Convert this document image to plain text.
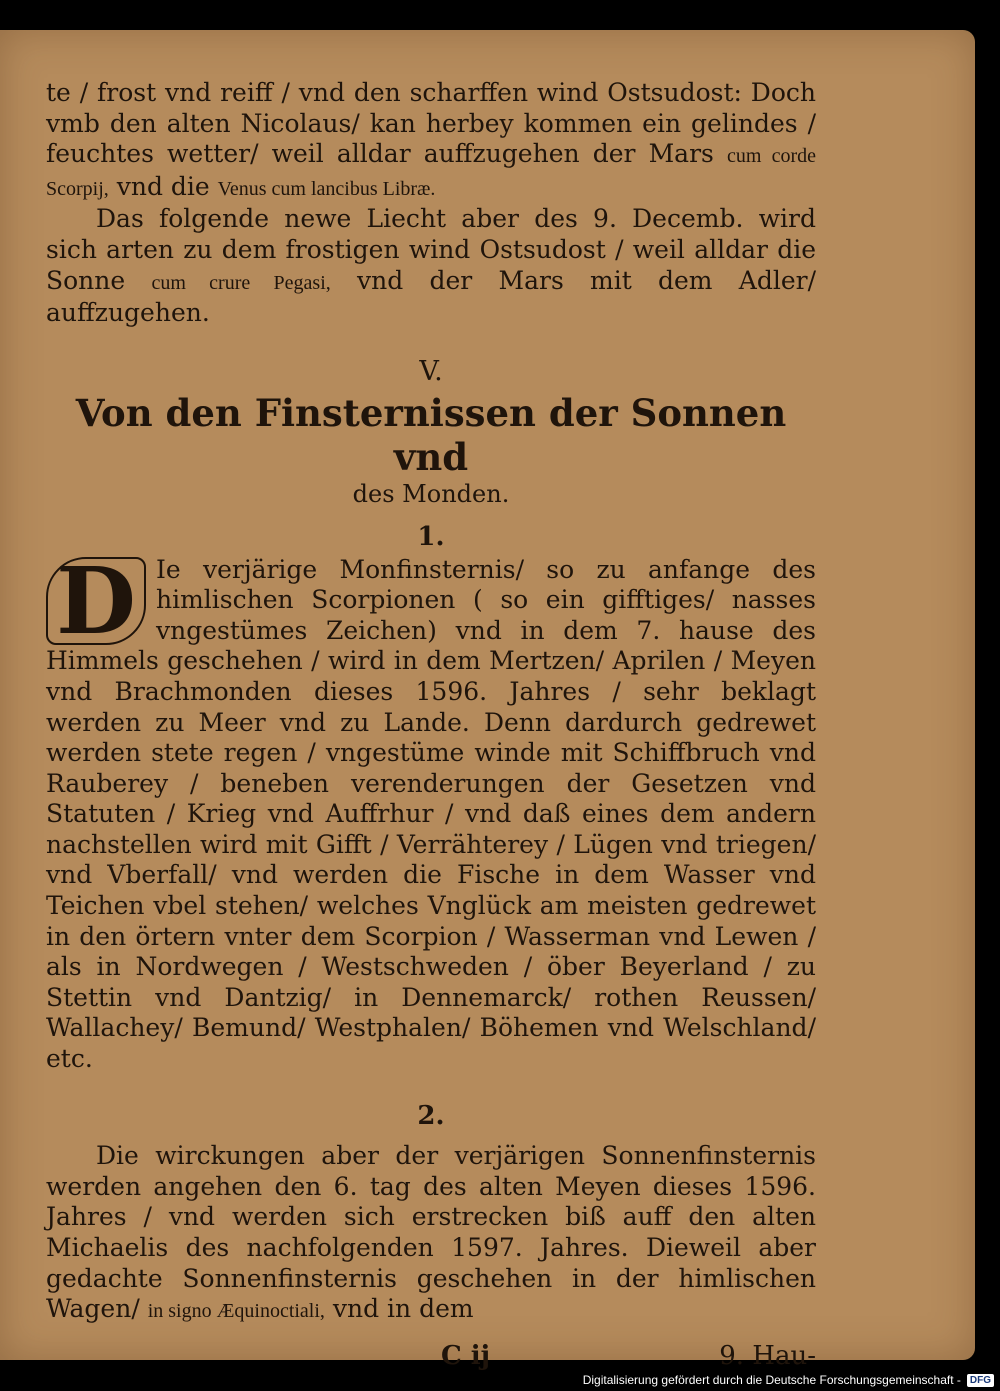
te / frost vnd reiff / vnd den scharffen wind Ostsudost: Doch vmb den alten Nicolaus/ kan herbey kommen ein gelindes / feuchtes wetter/ weil alldar auffzugehen der Mars cum corde Scorpij, vnd die Venus cum lancibus Libræ.

Das folgende newe Liecht aber des 9. Decemb. wird sich arten zu dem frostigen wind Ostsudost / weil alldar die Sonne cum crure Pegasi, vnd der Mars mit dem Adler/ auffzugehen.

V.
Von den Finsternissen der Sonnen vnd
des Monden.
1.

D Ie verjärige Monfinsternis/ so zu anfange des himlischen Scorpionen ( so ein gifftiges/ nasses vngestümes Zeichen) vnd in dem 7. hause des Himmels geschehen / wird in dem Mertzen/ Aprilen / Meyen vnd Brachmonden dieses 1596. Jahres / sehr beklagt werden zu Meer vnd zu Lande. Denn dardurch gedrewet werden stete regen / vngestüme winde mit Schiffbruch vnd Rauberey / beneben verenderungen der Gesetzen vnd Statuten / Krieg vnd Auffrhur / vnd daß eines dem andern nachstellen wird mit Gifft / Verrähterey / Lügen vnd triegen/ vnd Vberfall/ vnd werden die Fische in dem Wasser vnd Teichen vbel stehen/ welches Vnglück am meisten gedrewet in den örtern vnter dem Scorpion / Wasserman vnd Lewen / als in Nordwegen / Westschweden / öber Beyerland / zu Stettin vnd Dantzig/ in Dennemarck/ rothen Reussen/ Wallachey/ Bemund/ Westphalen/ Böhemen vnd Welschland/ etc.

2.

Die wirckungen aber der verjärigen Sonnenfinsternis werden angehen den 6. tag des alten Meyen dieses 1596. Jahres / vnd werden sich erstrecken biß auff den alten Michaelis des nachfolgenden 1597. Jahres. Dieweil aber gedachte Sonnenfinsternis geschehen in der himlischen Wagen/ in signo Æquinoctiali, vnd in dem

C ij	9. Hau-
Digitalisierung gefördert durch die Deutsche Forschungsgemeinschaft - DFG
